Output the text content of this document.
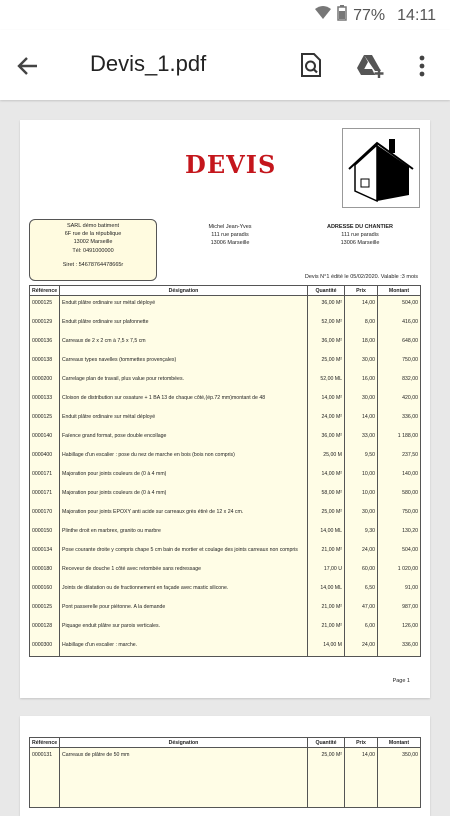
77% 14:11
Devis_1.pdf
DEVIS
SARL démo batiment
6F rue de la république
13002 Marseille
Tél: 0491000000
Siret : 54678764478665r
Michel Jean-Yves
111 rue paradis
13006 Marseille
ADRESSE DU CHANTIER
111 rue paradis
13006 Marseille
Devis N°1 édité le 05/02/2020. Valable :3 mois
Référence	Désignation	Quantité	Prix	Montant
0000125	Enduit plâtre ordinaire sur métal déployé	36,00 M²	14,00	504,00
0000129	Enduit plâtre ordinaire sur plafonnette	52,00 M²	8,00	416,00
0000136	Carreaux de 2 x 2 cm à 7,5 x 7,5 cm	36,00 M²	18,00	648,00
0000138	Carreaux types navelles (tommettes provençales)	25,00 M²	30,00	750,00
0000200	Carrelage plan de travail, plus value pour retombées.	52,00 ML	16,00	832,00
0000133	Cloison de distribution sur ossature + 1 BA 13 de chaque côté,(ép.72 mm)montant de 48	14,00 M²	30,00	420,00
0000125	Enduit plâtre ordinaire sur métal déployé	24,00 M²	14,00	336,00
0000140	Faïence grand format, pose double encollage	36,00 M²	33,00	1 188,00
0000400	Habillage d'un escalier : pose du nez de marche en bois (bois non compris)	25,00 M	9,50	237,50
0000171	Majoration pour joints couleurs de (0 à 4 mm)	14,00 M²	10,00	140,00
0000171	Majoration pour joints couleurs de (0 à 4 mm)	58,00 M²	10,00	580,00
0000170	Majoration pour joints EPOXY anti acide sur carreaux grès étiré de 12 x 24 cm.	25,00 M²	30,00	750,00
0000150	Plinthe droit en marbrex, granito ou marbre	14,00 ML	9,30	130,20
0000134	Pose courante droite y compris chape 5 cm bain de mortier et coulage des joints carreaux non compris	21,00 M²	24,00	504,00
0000180	Receveur de douche 1 côté avec retombée sans redressage	17,00 U	60,00	1 020,00
0000160	Joints de dilatation ou de fractionnement en façade avec mastic silicone.	14,00 ML	6,50	91,00
0000125	Pont passerelle pour piétonne. A la demande	21,00 M²	47,00	987,00
0000128	Piquage enduit plâtre sur parois verticales.	21,00 M²	6,00	126,00
0000300	Habillage d'un escalier : marche.	14,00 M	24,00	336,00
Page 1
Référence	Désignation	Quantité	Prix	Montant
0000131	Carreaux de plâtre de 50 mm	25,00 M²	14,00	350,00
